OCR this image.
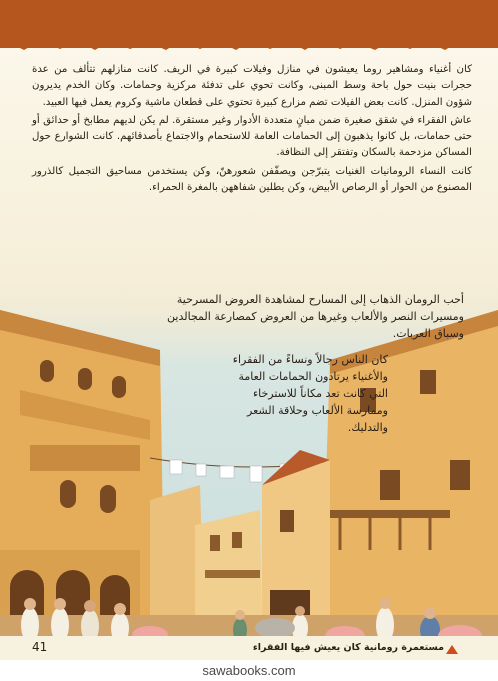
كان أغنياء ومشاهير روما يعيشون في منازل وفيلات كبيرة في الريف. كانت منازلهم تتألف من عدة حجرات بنيت حول باحة وسط المبنى، وكانت تحوي على تدفئة مركزية وحمامات. وكان الخدم يديرون شؤون المنزل. كانت بعض الفيلات تضم مزارع كبيرة تحتوي على قطعان ماشية وكروم يعمل فيها العبيد.

عاش الفقراء في شقق صغيرة ضمن مبانٍ متعددة الأدوار وغير مستقرة. لم يكن لديهم مطابخ أو حدائق أو حتى حمامات، بل كانوا يذهبون إلى الحمامات العامة للاستحمام والاجتماع بأصدقائهم. كانت الشوارع حول المساكن مزدحمة بالسكان وتفتقر إلى النظافة.

كانت النساء الرومانيات الغنيات يتبرّجن ويصفّفن شعورهنّ، وكن يستخدمن مساحيق التجميل كالذرور المصنوع من الحوار أو الرصاص الأبيض، وكن يطلين شفاههن بالمغرة الحمراء.

أحب الرومان الذهاب إلى المسارح لمشاهدة العروض المسرحية ومسيرات النصر والألعاب وغيرها من العروض كمصارعة المجالدين وسباق العربات.
كان الناس رجالاً ونساءً من الفقراء والأغنياء يرتادون الحمامات العامة التي كانت تعد مكاناً للاسترخاء وممارسة الألعاب وحلاقة الشعر والتدليك.
41	مستعمرة رومانية كان يعيش فيها الفقراء
sawabooks.com
